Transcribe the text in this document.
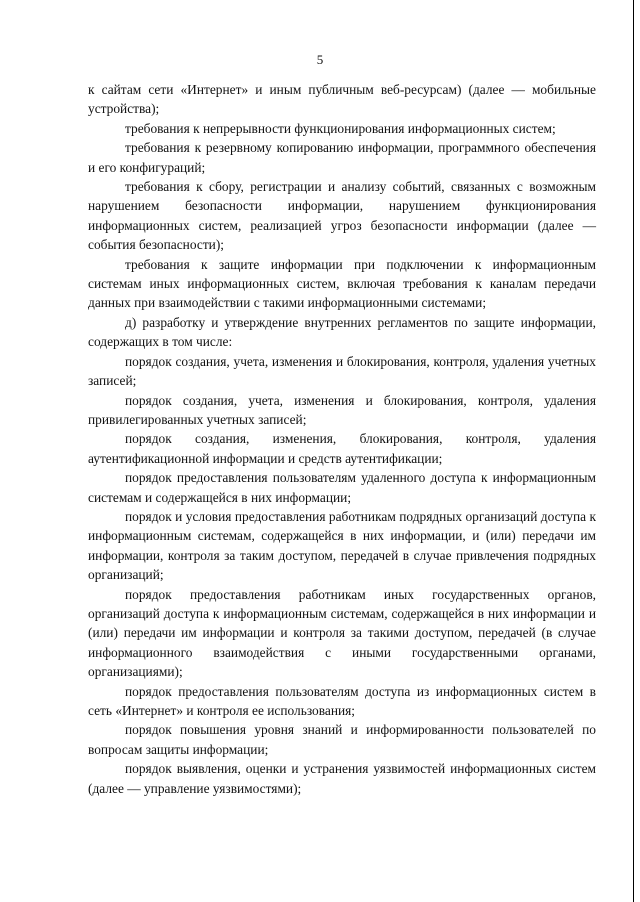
5

к сайтам сети «Интернет» и иным публичным веб-ресурсам) (далее — мобильные устройства);

требования к непрерывности функционирования информационных систем;

требования к резервному копированию информации, программного обеспечения и его конфигураций;

требования к сбору, регистрации и анализу событий, связанных с возможным нарушением безопасности информации, нарушением функционирования информационных систем, реализацией угроз безопасности информации (далее — события безопасности);

требования к защите информации при подключении к информационным системам иных информационных систем, включая требования к каналам передачи данных при взаимодействии с такими информационными системами;

д) разработку и утверждение внутренних регламентов по защите информации, содержащих в том числе:

порядок создания, учета, изменения и блокирования, контроля, удаления учетных записей;

порядок создания, учета, изменения и блокирования, контроля, удаления привилегированных учетных записей;

порядок создания, изменения, блокирования, контроля, удаления аутентификационной информации и средств аутентификации;

порядок предоставления пользователям удаленного доступа к информационным системам и содержащейся в них информации;

порядок и условия предоставления работникам подрядных организаций доступа к информационным системам, содержащейся в них информации, и (или) передачи им информации, контроля за таким доступом, передачей в случае привлечения подрядных организаций;

порядок предоставления работникам иных государственных органов, организаций доступа к информационным системам, содержащейся в них информации и (или) передачи им информации и контроля за такими доступом, передачей (в случае информационного взаимодействия с иными государственными органами, организациями);

порядок предоставления пользователям доступа из информационных систем в сеть «Интернет» и контроля ее использования;

порядок повышения уровня знаний и информированности пользователей по вопросам защиты информации;

порядок выявления, оценки и устранения уязвимостей информационных систем (далее — управление уязвимостями);
